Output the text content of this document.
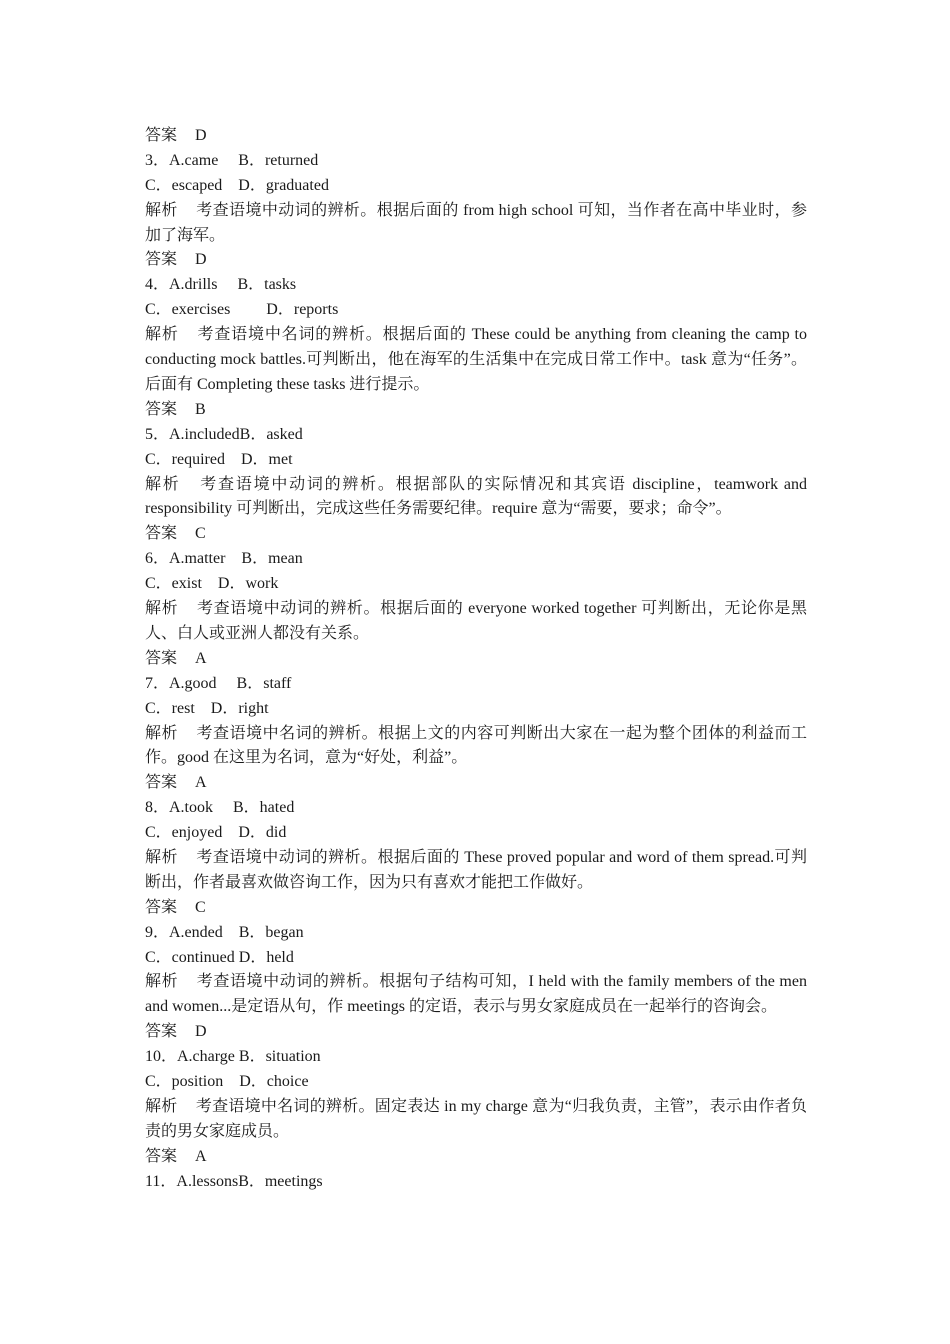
答案 D
3．A.came　 B．returned
C．escaped　D．graduated
解析 考查语境中动词的辨析。根据后面的 from high school 可知，当作者在高中毕业时，参加了海军。
答案 D
4．A.drills　 B．tasks
C．exercises　　 D．reports
解析 考查语境中名词的辨析。根据后面的 These could be anything from cleaning the camp to conducting mock battles.可判断出，他在海军的生活集中在完成日常工作中。task 意为“任务”。 后面有 Completing these tasks 进行提示。
答案 B
5．A.includedB．asked
C．required　D．met
解析 考查语境中动词的辨析。根据部队的实际情况和其宾语 discipline，teamwork and responsibility 可判断出，完成这些任务需要纪律。require 意为“需要，要求；命令”。
答案 C
6．A.matter　B．mean
C．exist　D．work
解析 考查语境中动词的辨析。根据后面的 everyone worked together 可判断出，无论你是黑人、白人或亚洲人都没有关系。
答案 A
7．A.good　 B．staff
C．rest　D．right
解析 考查语境中名词的辨析。根据上文的内容可判断出大家在一起为整个团体的利益而工作。good 在这里为名词，意为“好处，利益”。
答案 A
8．A.took　 B．hated
C．enjoyed　D．did
解析 考查语境中动词的辨析。根据后面的 These proved popular and word of them spread.可判断出，作者最喜欢做咨询工作，因为只有喜欢才能把工作做好。
答案 C
9．A.ended　B．began
C．continued D．held
解析 考查语境中动词的辨析。根据句子结构可知，I held with the family members of the men and women...是定语从句，作 meetings 的定语，表示与男女家庭成员在一起举行的咨询会。
答案 D
10．A.charge B．situation
C．position　D．choice
解析 考查语境中名词的辨析。固定表达 in my charge 意为“归我负责，主管”，表示由作者负责的男女家庭成员。
答案 A
11．A.lessonsB．meetings
